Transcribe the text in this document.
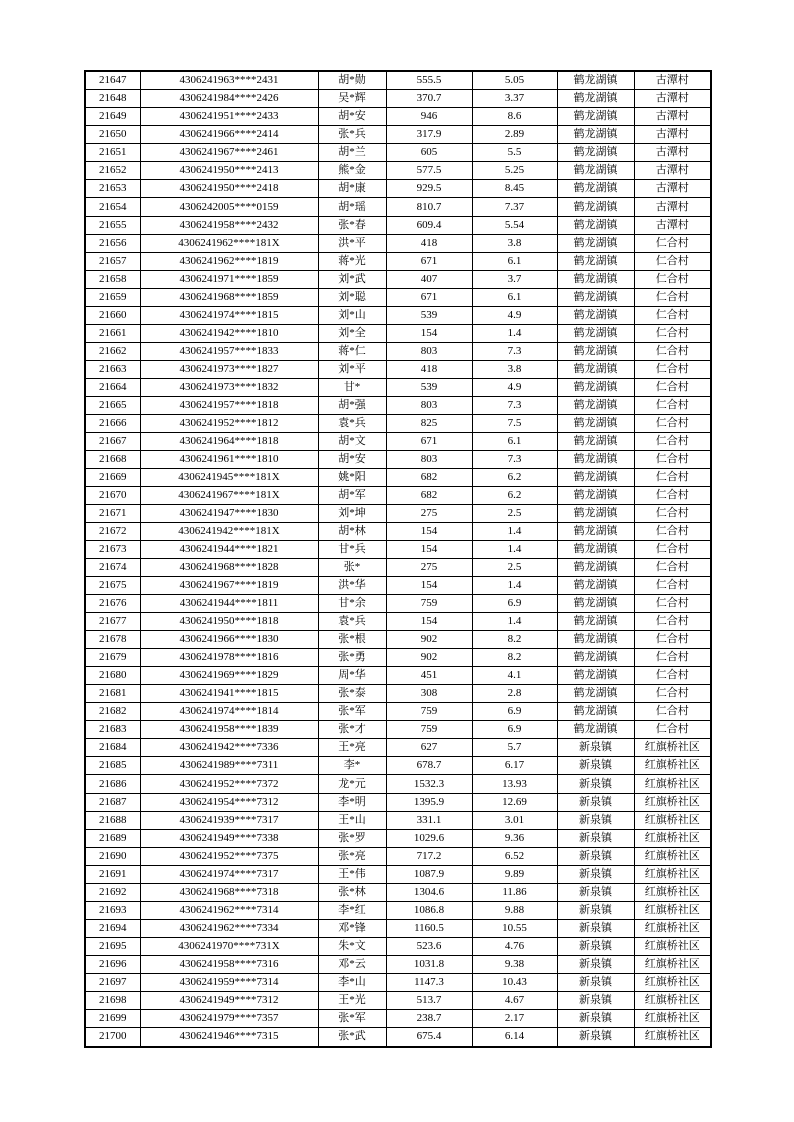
21647	4306241963****2431	胡*勋	555.5	5.05	鹤龙湖镇	古潭村
21648	4306241984****2426	吴*辉	370.7	3.37	鹤龙湖镇	古潭村
21649	4306241951****2433	胡*安	946	8.6	鹤龙湖镇	古潭村
21650	4306241966****2414	张*兵	317.9	2.89	鹤龙湖镇	古潭村
21651	4306241967****2461	胡*兰	605	5.5	鹤龙湖镇	古潭村
21652	4306241950****2413	熊*金	577.5	5.25	鹤龙湖镇	古潭村
21653	4306241950****2418	胡*康	929.5	8.45	鹤龙湖镇	古潭村
21654	4306242005****0159	胡*瑶	810.7	7.37	鹤龙湖镇	古潭村
21655	4306241958****2432	张*春	609.4	5.54	鹤龙湖镇	古潭村
21656	4306241962****181X	洪*平	418	3.8	鹤龙湖镇	仁合村
21657	4306241962****1819	蒋*光	671	6.1	鹤龙湖镇	仁合村
21658	4306241971****1859	刘*武	407	3.7	鹤龙湖镇	仁合村
21659	4306241968****1859	刘*聪	671	6.1	鹤龙湖镇	仁合村
21660	4306241974****1815	刘*山	539	4.9	鹤龙湖镇	仁合村
21661	4306241942****1810	刘*全	154	1.4	鹤龙湖镇	仁合村
21662	4306241957****1833	蒋*仁	803	7.3	鹤龙湖镇	仁合村
21663	4306241973****1827	刘*平	418	3.8	鹤龙湖镇	仁合村
21664	4306241973****1832	甘*	539	4.9	鹤龙湖镇	仁合村
21665	4306241957****1818	胡*强	803	7.3	鹤龙湖镇	仁合村
21666	4306241952****1812	袁*兵	825	7.5	鹤龙湖镇	仁合村
21667	4306241964****1818	胡*文	671	6.1	鹤龙湖镇	仁合村
21668	4306241961****1810	胡*安	803	7.3	鹤龙湖镇	仁合村
21669	4306241945****181X	姚*阳	682	6.2	鹤龙湖镇	仁合村
21670	4306241967****181X	胡*军	682	6.2	鹤龙湖镇	仁合村
21671	4306241947****1830	刘*坤	275	2.5	鹤龙湖镇	仁合村
21672	4306241942****181X	胡*林	154	1.4	鹤龙湖镇	仁合村
21673	4306241944****1821	甘*兵	154	1.4	鹤龙湖镇	仁合村
21674	4306241968****1828	张*	275	2.5	鹤龙湖镇	仁合村
21675	4306241967****1819	洪*华	154	1.4	鹤龙湖镇	仁合村
21676	4306241944****1811	甘*余	759	6.9	鹤龙湖镇	仁合村
21677	4306241950****1818	袁*兵	154	1.4	鹤龙湖镇	仁合村
21678	4306241966****1830	张*根	902	8.2	鹤龙湖镇	仁合村
21679	4306241978****1816	张*勇	902	8.2	鹤龙湖镇	仁合村
21680	4306241969****1829	周*华	451	4.1	鹤龙湖镇	仁合村
21681	4306241941****1815	张*泰	308	2.8	鹤龙湖镇	仁合村
21682	4306241974****1814	张*军	759	6.9	鹤龙湖镇	仁合村
21683	4306241958****1839	张*才	759	6.9	鹤龙湖镇	仁合村
21684	4306241942****7336	王*亮	627	5.7	新泉镇	红旗桥社区
21685	4306241989****7311	李*	678.7	6.17	新泉镇	红旗桥社区
21686	4306241952****7372	龙*元	1532.3	13.93	新泉镇	红旗桥社区
21687	4306241954****7312	李*明	1395.9	12.69	新泉镇	红旗桥社区
21688	4306241939****7317	王*山	331.1	3.01	新泉镇	红旗桥社区
21689	4306241949****7338	张*罗	1029.6	9.36	新泉镇	红旗桥社区
21690	4306241952****7375	张*亮	717.2	6.52	新泉镇	红旗桥社区
21691	4306241974****7317	王*伟	1087.9	9.89	新泉镇	红旗桥社区
21692	4306241968****7318	张*林	1304.6	11.86	新泉镇	红旗桥社区
21693	4306241962****7314	李*红	1086.8	9.88	新泉镇	红旗桥社区
21694	4306241962****7334	邓*锋	1160.5	10.55	新泉镇	红旗桥社区
21695	4306241970****731X	朱*文	523.6	4.76	新泉镇	红旗桥社区
21696	4306241958****7316	邓*云	1031.8	9.38	新泉镇	红旗桥社区
21697	4306241959****7314	李*山	1147.3	10.43	新泉镇	红旗桥社区
21698	4306241949****7312	王*光	513.7	4.67	新泉镇	红旗桥社区
21699	4306241979****7357	张*军	238.7	2.17	新泉镇	红旗桥社区
21700	4306241946****7315	张*武	675.4	6.14	新泉镇	红旗桥社区
